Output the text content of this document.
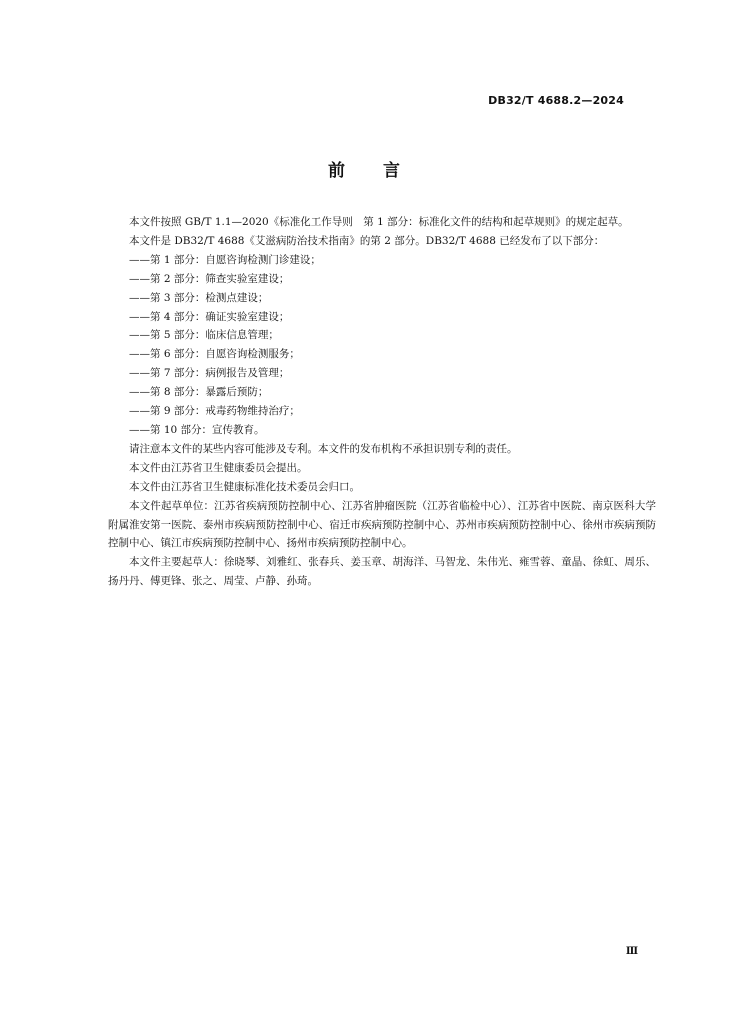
DB32/T 4688.2—2024
前 言

本文件按照 GB/T 1.1—2020《标准化工作导则　第 1 部分：标准化文件的结构和起草规则》的规定起草。

本文件是 DB32/T 4688《艾滋病防治技术指南》的第 2 部分。DB32/T 4688 已经发布了以下部分：

——第 1 部分：自愿咨询检测门诊建设；

——第 2 部分：筛查实验室建设；

——第 3 部分：检测点建设；

——第 4 部分：确证实验室建设；

——第 5 部分：临床信息管理；

——第 6 部分：自愿咨询检测服务；

——第 7 部分：病例报告及管理；

——第 8 部分：暴露后预防；

——第 9 部分：戒毒药物维持治疗；

——第 10 部分：宣传教育。

请注意本文件的某些内容可能涉及专利。本文件的发布机构不承担识别专利的责任。

本文件由江苏省卫生健康委员会提出。

本文件由江苏省卫生健康标准化技术委员会归口。

本文件起草单位：江苏省疾病预防控制中心、江苏省肿瘤医院（江苏省临检中心）、江苏省中医院、南京医科大学附属淮安第一医院、泰州市疾病预防控制中心、宿迁市疾病预防控制中心、苏州市疾病预防控制中心、徐州市疾病预防控制中心、镇江市疾病预防控制中心、扬州市疾病预防控制中心。

本文件主要起草人：徐晓琴、刘雅红、张春兵、姜玉章、胡海洋、马智龙、朱伟光、雍雪蓉、童晶、徐虹、周乐、扬丹丹、傅更锋、张之、周莹、卢静、孙琦。

Ⅲ
